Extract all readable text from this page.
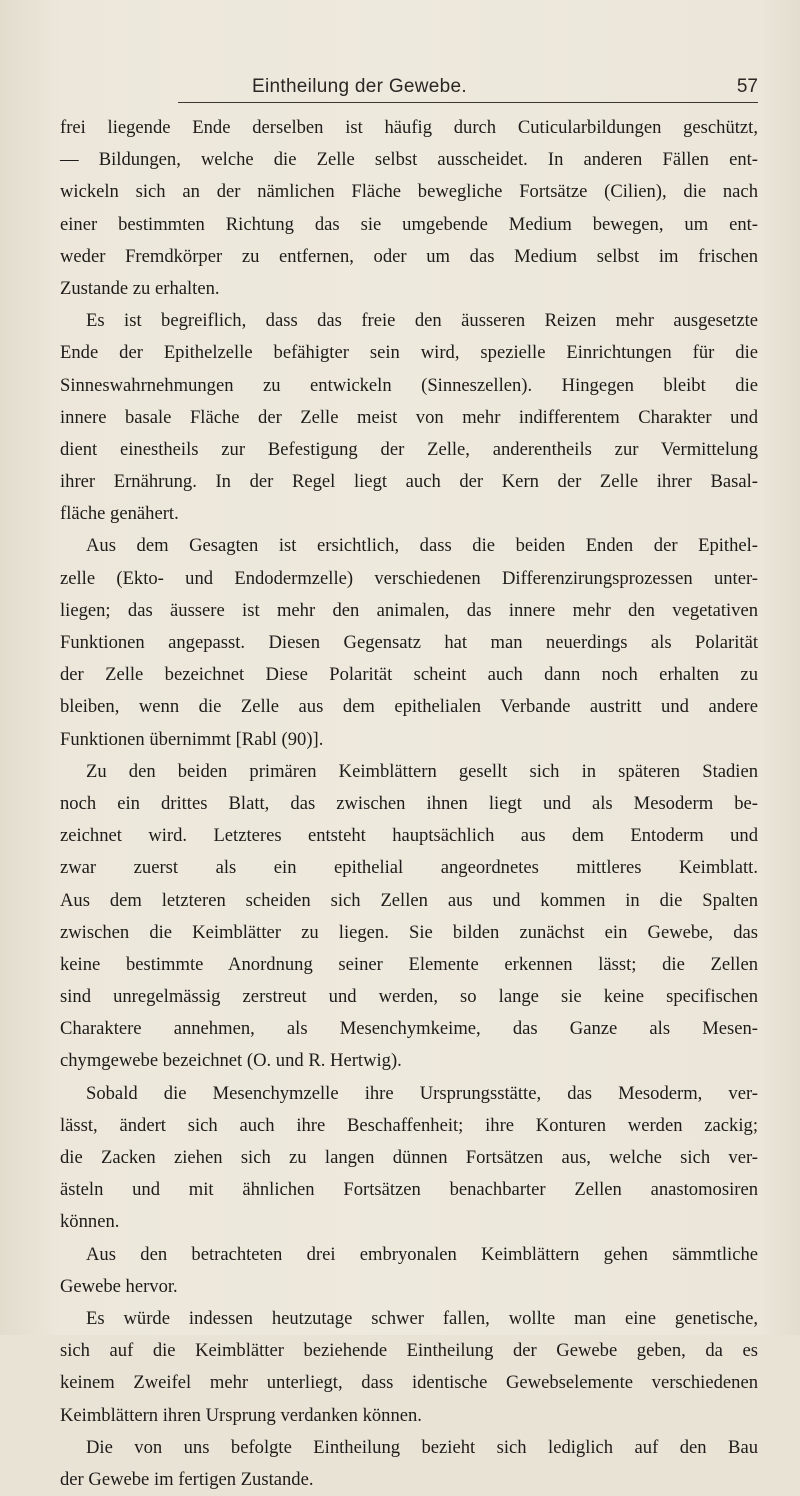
Eintheilung der Gewebe.	57
frei liegende Ende derselben ist häufig durch Cuticularbildungen geschützt,
— Bildungen, welche die Zelle selbst ausscheidet. In anderen Fällen ent-
wickeln sich an der nämlichen Fläche bewegliche Fortsätze (Cilien), die nach
einer bestimmten Richtung das sie umgebende Medium bewegen, um ent-
weder Fremdkörper zu entfernen, oder um das Medium selbst im frischen
Zustande zu erhalten.
Es ist begreiflich, dass das freie den äusseren Reizen mehr ausgesetzte
Ende der Epithelzelle befähigter sein wird, spezielle Einrichtungen für die
Sinneswahrnehmungen zu entwickeln (Sinneszellen). Hingegen bleibt die
innere basale Fläche der Zelle meist von mehr indifferentem Charakter und
dient einestheils zur Befestigung der Zelle, anderentheils zur Vermittelung
ihrer Ernährung. In der Regel liegt auch der Kern der Zelle ihrer Basal-
fläche genähert.
Aus dem Gesagten ist ersichtlich, dass die beiden Enden der Epithel-
zelle (Ekto- und Endodermzelle) verschiedenen Differenzirungsprozessen unter-
liegen; das äussere ist mehr den animalen, das innere mehr den vegetativen
Funktionen angepasst. Diesen Gegensatz hat man neuerdings als Polarität
der Zelle bezeichnet Diese Polarität scheint auch dann noch erhalten zu
bleiben, wenn die Zelle aus dem epithelialen Verbande austritt und andere
Funktionen übernimmt [Rabl (90)].
Zu den beiden primären Keimblättern gesellt sich in späteren Stadien
noch ein drittes Blatt, das zwischen ihnen liegt und als Mesoderm be-
zeichnet wird. Letzteres entsteht hauptsächlich aus dem Entoderm und
zwar zuerst als ein epithelial angeordnetes mittleres Keimblatt.
Aus dem letzteren scheiden sich Zellen aus und kommen in die Spalten
zwischen die Keimblätter zu liegen. Sie bilden zunächst ein Gewebe, das
keine bestimmte Anordnung seiner Elemente erkennen lässt; die Zellen
sind unregelmässig zerstreut und werden, so lange sie keine specifischen
Charaktere annehmen, als Mesenchymkeime, das Ganze als Mesen-
chymgewebe bezeichnet (O. und R. Hertwig).
Sobald die Mesenchymzelle ihre Ursprungsstätte, das Mesoderm, ver-
lässt, ändert sich auch ihre Beschaffenheit; ihre Konturen werden zackig;
die Zacken ziehen sich zu langen dünnen Fortsätzen aus, welche sich ver-
ästeln und mit ähnlichen Fortsätzen benachbarter Zellen anastomosiren
können.
Aus den betrachteten drei embryonalen Keimblättern gehen sämmtliche
Gewebe hervor.
Es würde indessen heutzutage schwer fallen, wollte man eine genetische,
sich auf die Keimblätter beziehende Eintheilung der Gewebe geben, da es
keinem Zweifel mehr unterliegt, dass identische Gewebselemente verschiedenen
Keimblättern ihren Ursprung verdanken können.
Die von uns befolgte Eintheilung bezieht sich lediglich auf den Bau
der Gewebe im fertigen Zustande.
